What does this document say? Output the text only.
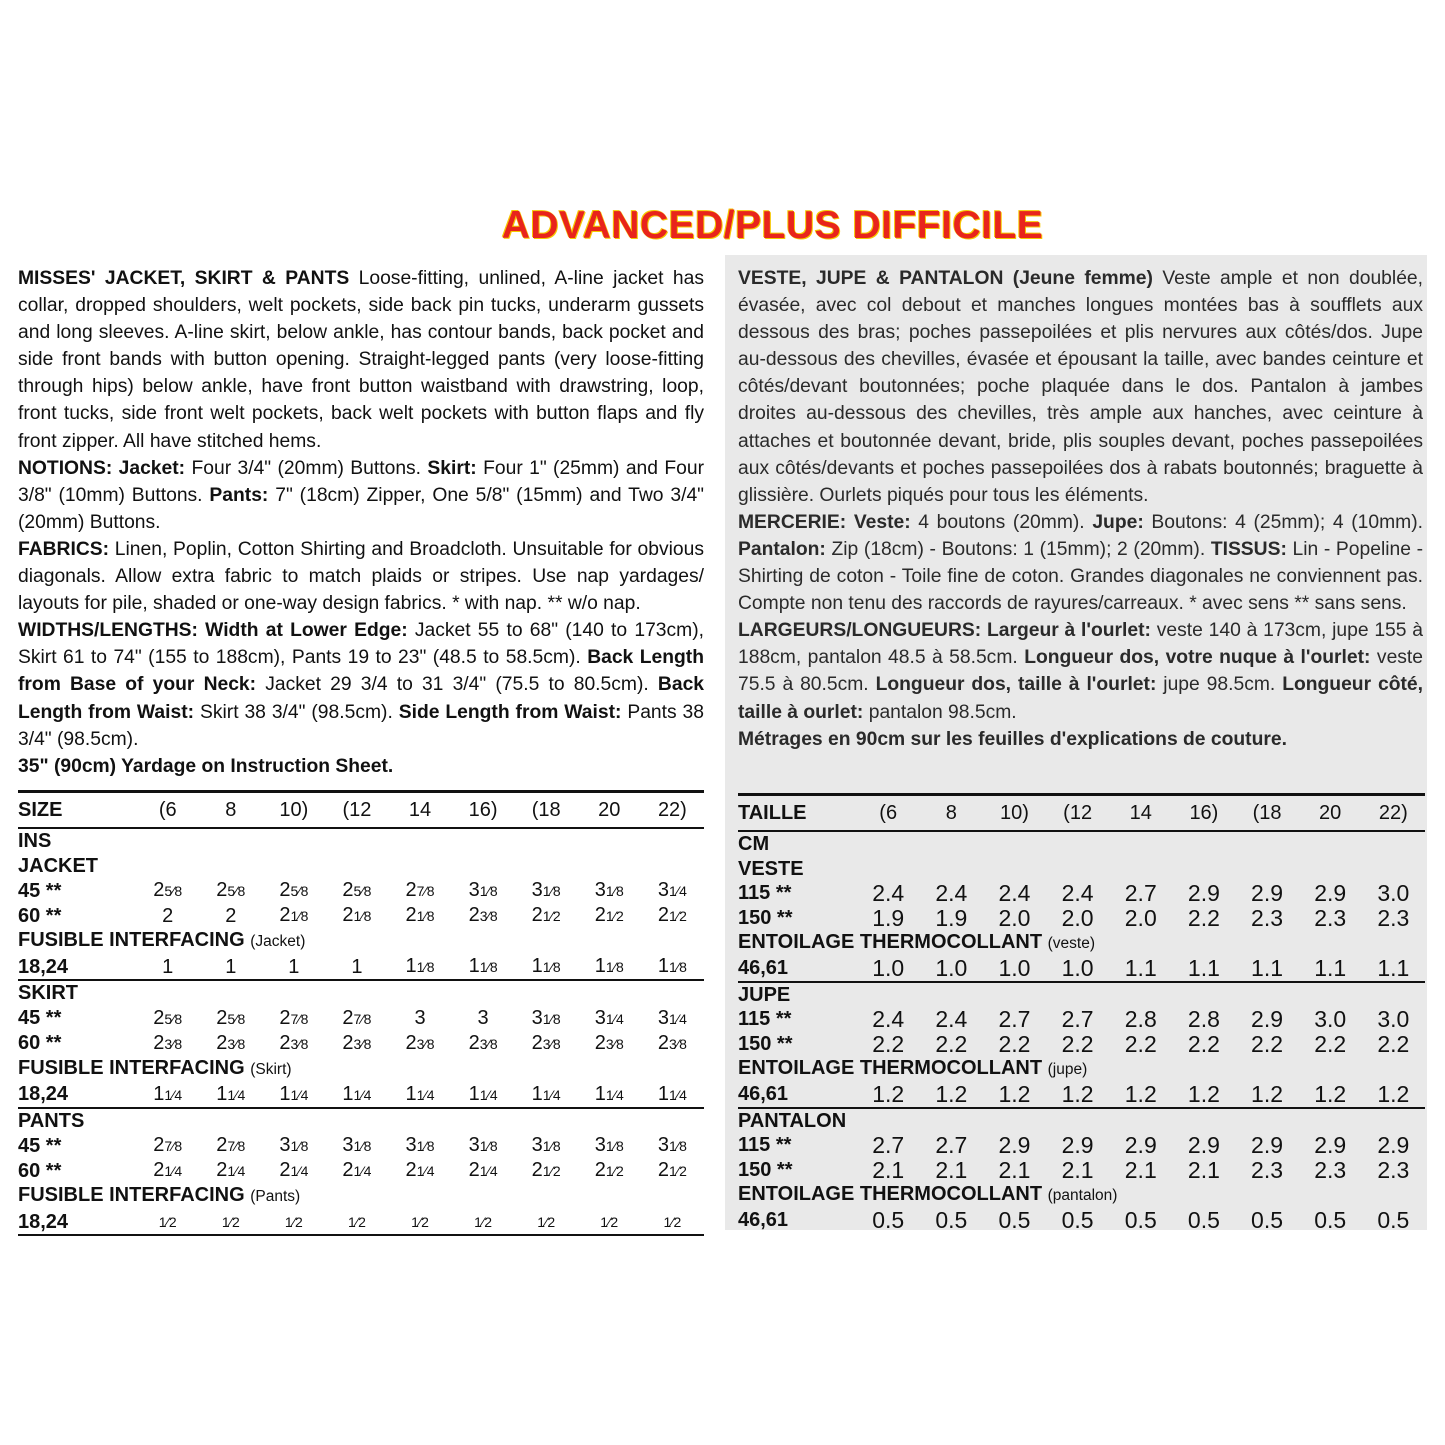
ADVANCED/PLUS DIFFICILE

MISSES' JACKET, SKIRT & PANTS Loose-fitting, unlined, A-line jacket has collar, dropped shoulders, welt pockets, side back pin tucks, underarm gussets and long sleeves. A-line skirt, below ankle, has contour bands, back pocket and side front bands with button opening. Straight-legged pants (very loose-fitting through hips) below ankle, have front button waistband with drawstring, loop, front tucks, side front welt pockets, back welt pockets with button flaps and fly front zipper. All have stitched hems.

NOTIONS: Jacket: Four 3/4" (20mm) Buttons. Skirt: Four 1" (25mm) and Four 3/8" (10mm) Buttons. Pants: 7" (18cm) Zipper, One 5/8" (15mm) and Two 3/4" (20mm) Buttons.

FABRICS: Linen, Poplin, Cotton Shirting and Broadcloth. Unsuitable for obvious diagonals. Allow extra fabric to match plaids or stripes. Use nap yardages/ layouts for pile, shaded or one-way design fabrics. * with nap. ** w/o nap.

WIDTHS/LENGTHS: Width at Lower Edge: Jacket 55 to 68" (140 to 173cm), Skirt 61 to 74" (155 to 188cm), Pants 19 to 23" (48.5 to 58.5cm). Back Length from Base of your Neck: Jacket 29 3/4 to 31 3/4" (75.5 to 80.5cm). Back Length from Waist: Skirt 38 3/4" (98.5cm). Side Length from Waist: Pants 38 3/4" (98.5cm).

35" (90cm) Yardage on Instruction Sheet.

VESTE, JUPE & PANTALON (Jeune femme) Veste ample et non doublée, évasée, avec col debout et manches longues montées bas à soufflets aux dessous des bras; poches passepoilées et plis nervures aux côtés/dos. Jupe au-dessous des chevilles, évasée et épousant la taille, avec bandes ceinture et côtés/devant boutonnées; poche plaquée dans le dos. Pantalon à jambes droites au-dessous des chevilles, très ample aux hanches, avec ceinture à attaches et boutonnée devant, bride, plis souples devant, poches passepoilées aux côtés/devants et poches passepoilées dos à rabats boutonnés; braguette à glissière. Ourlets piqués pour tous les éléments.

MERCERIE: Veste: 4 boutons (20mm). Jupe: Boutons: 4 (25mm); 4 (10mm). Pantalon: Zip (18cm) - Boutons: 1 (15mm); 2 (20mm). TISSUS: Lin - Popeline - Shirting de coton - Toile fine de coton. Grandes diagonales ne conviennent pas. Compte non tenu des raccords de rayures/carreaux. * avec sens ** sans sens.

LARGEURS/LONGUEURS: Largeur à l'ourlet: veste 140 à 173cm, jupe 155 à 188cm, pantalon 48.5 à 58.5cm. Longueur dos, votre nuque à l'ourlet: veste 75.5 à 80.5cm. Longueur dos, taille à l'ourlet: jupe 98.5cm. Longueur côté, taille à ourlet: pantalon 98.5cm.

Métrages en 90cm sur les feuilles d'explications de couture.

SIZE	(6	8	10)	(12	14	16)	(18	20	22)
INS									
JACKET									
45 **	25⁄8	25⁄8	25⁄8	25⁄8	27⁄8	31⁄8	31⁄8	31⁄8	31⁄4
60 **	2	2	21⁄8	21⁄8	21⁄8	23⁄8	21⁄2	21⁄2	21⁄2
FUSIBLE INTERFACING (Jacket)									
18,24	1	1	1	1	11⁄8	11⁄8	11⁄8	11⁄8	11⁄8
SKIRT									
45 **	25⁄8	25⁄8	27⁄8	27⁄8	3	3	31⁄8	31⁄4	31⁄4
60 **	23⁄8	23⁄8	23⁄8	23⁄8	23⁄8	23⁄8	23⁄8	23⁄8	23⁄8
FUSIBLE INTERFACING (Skirt)									
18,24	11⁄4	11⁄4	11⁄4	11⁄4	11⁄4	11⁄4	11⁄4	11⁄4	11⁄4
PANTS									
45 **	27⁄8	27⁄8	31⁄8	31⁄8	31⁄8	31⁄8	31⁄8	31⁄8	31⁄8
60 **	21⁄4	21⁄4	21⁄4	21⁄4	21⁄4	21⁄4	21⁄2	21⁄2	21⁄2
FUSIBLE INTERFACING (Pants)									
18,24	1⁄2	1⁄2	1⁄2	1⁄2	1⁄2	1⁄2	1⁄2	1⁄2	1⁄2
TAILLE	(6	8	10)	(12	14	16)	(18	20	22)
CM									
VESTE									
115 **	2.4	2.4	2.4	2.4	2.7	2.9	2.9	2.9	3.0
150 **	1.9	1.9	2.0	2.0	2.0	2.2	2.3	2.3	2.3
ENTOILAGE THERMOCOLLANT (veste)									
46,61	1.0	1.0	1.0	1.0	1.1	1.1	1.1	1.1	1.1
JUPE									
115 **	2.4	2.4	2.7	2.7	2.8	2.8	2.9	3.0	3.0
150 **	2.2	2.2	2.2	2.2	2.2	2.2	2.2	2.2	2.2
ENTOILAGE THERMOCOLLANT (jupe)									
46,61	1.2	1.2	1.2	1.2	1.2	1.2	1.2	1.2	1.2
PANTALON									
115 **	2.7	2.7	2.9	2.9	2.9	2.9	2.9	2.9	2.9
150 **	2.1	2.1	2.1	2.1	2.1	2.1	2.3	2.3	2.3
ENTOILAGE THERMOCOLLANT (pantalon)									
46,61	0.5	0.5	0.5	0.5	0.5	0.5	0.5	0.5	0.5
